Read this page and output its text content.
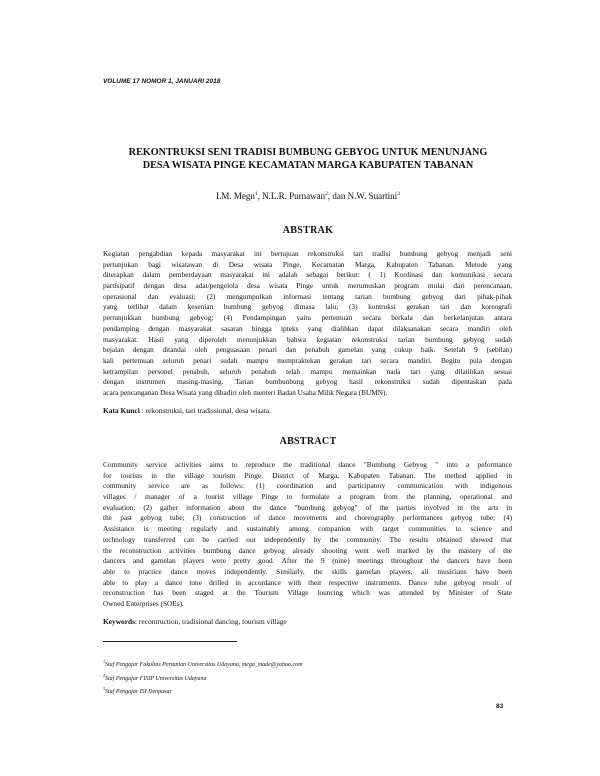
VOLUME 17 NOMOR 1, JANUARI 2018
REKONTRUKSI SENI TRADISI BUMBUNG GEBYOG UNTUK MENUNJANG
DESA WISATA PINGE KECAMATAN MARGA KABUPATEN TABANAN
I.M. Megn$^1$, N.L.R. Purnawan$^2$, dan N.W. Suartini$^3$
ABSTRAK
Kegiatan pengabdian kepada masyarakat ini bertujuan rekonstruksi tari tradisi bumbung gebyog menjadi seni
pertunjukan bagi wisatawan di Desa wisata Pinge, Kecamatan Marga, Kabupaten Tabanan. Metode yang
diterapkan dalam pemberdayaan masyarakat ini adalah sebagai berikut: ( 1) Kordinasi dan komunikasi secara
partisipatif dengan desa adat/pengelola desa wisata Pinge untuk merumuskan program mulai dari perencanaan,
operasional dan evaluasi; (2) mengumpulkan informasi tentang tarian bumbung gebyog dari pihak-pihak
yang terlibat dalam kesenian bumbung gebyog dimasa lalu; (3) kontruksi gerakan tari dan koreografi
pertunjukkan bumbung gebyog; (4) Pendampingan yaitu pertemuan secara berkala dan berkelanjutan antara
pendamping dengan masyarakat sasaran hingga ipteks yang dialihkan dapat dilaksanakan secara mandiri oleh
masyarakat. Hasil yang diperoleh menunjukkan bahwa kegiatan rekonstruksi tarian bumbung gebyog sudah
bejalan dengan ditandai oleh penguasaan penari dan penabuh gamelan yang cukup baik. Setelah 9 (sebilan)
kali pertemuan seluruh penari sudah mampu mempraktekan gerakan tari secara mandiri. Begitu pula dengan
ketrampilan personel penabuh, seluruh penabuh telah mampu memainkan nada tari yang dilatihkan sesuai
dengan instrumen masing-masing. Tarian bumbunbung gebyog hasil rekonstruksi sudah dipentaskan pada
acara pencanganan Desa Wisata yang dihadiri oleh menteri Badan Usaha Milik Negara (BUMN).
Kata Kunci : rekonstruksi, tari tradissional, desa wisata.
ABSTRACT
Community service activities aims to reproduce the traditional dance "Bumbung Gebyog " into a peformance
for tourists in the village tourism Pinge, District of Marga, Kabupaten Tabanan. The method applied in
community service are as follows: (1) coordination and participatory communication with indigenous
villages / manager of a tourist village Pinge to formulate a program from the planning, operational and
evaluation; (2) gather information about the dance "bumbung gebyog" of the parties involved in the arts in
the past gebyog tube; (3) construction of dance movements and choreography performances gebyog tube; (4)
Assistance is meeting regularly and sustainably among companion with target communities to science and
technology transferred can be carried out independently by the community. The results obtained showed that
the reconstruction activities bumbung dance gebyog already shooting went well marked by the mastery of the
dancers and gamelan players were pretty good. After the 9 (nine) meetings throughout the dancers have been
able to practice dance moves independently. Similarly, the skills gamelan players, all musicians have been
able to play a dance tone drilled in accordance with their respective instruments. Dance tube gebyog result of
reconstruction has been staged at the Tourism Village louncing which was attended by Minister of State
Owned Enterprises (SOEs).
Keywords: recontruction, tradisional dancing, tourism village
$^1$Staf Pengajar Fakultas Pertanian Universitas Udayana, mega_made@yahoo.com
$^2$Staf Pengajar FISIP Universitas Udayana
$^3$Staf Pengajar ISI Denpasar
83
